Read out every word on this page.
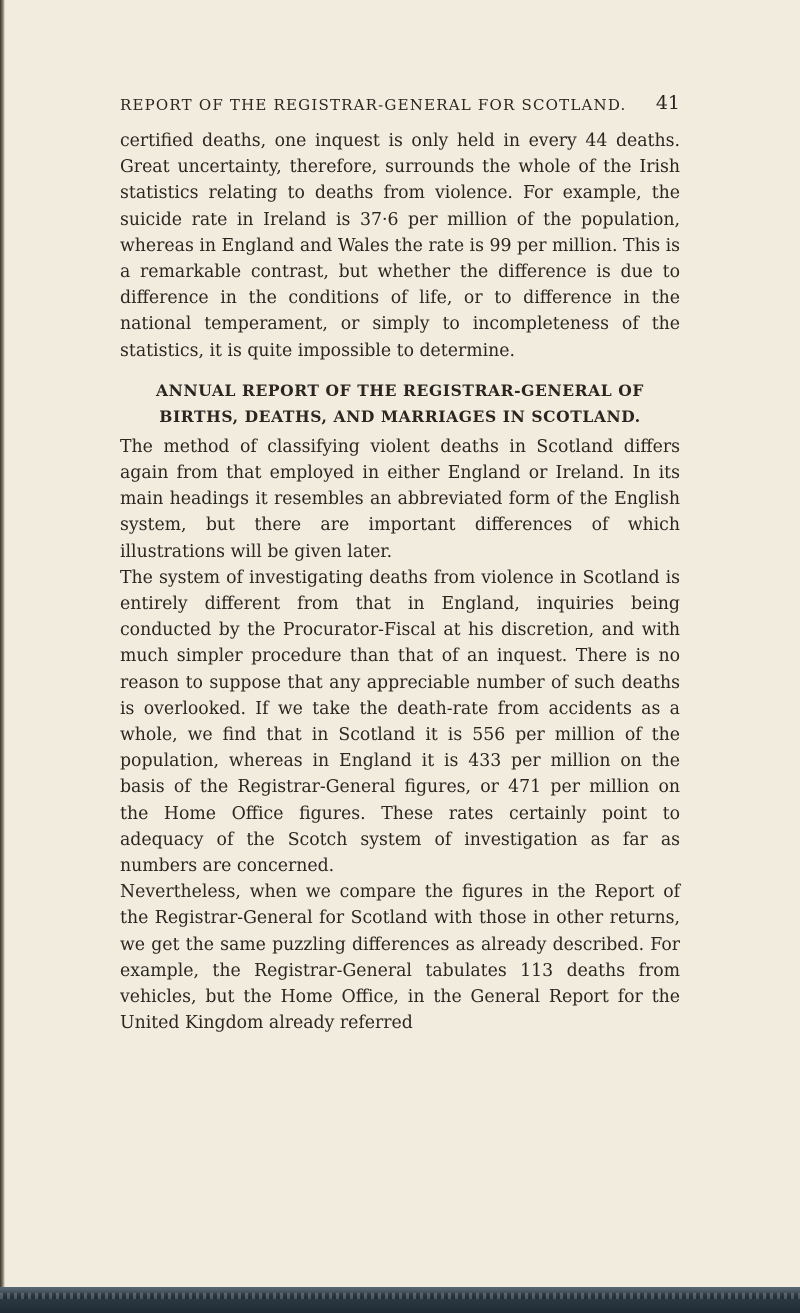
REPORT OF THE REGISTRAR-GENERAL FOR SCOTLAND. 41

certified deaths, one inquest is only held in every 44 deaths. Great uncertainty, therefore, surrounds the whole of the Irish statistics relating to deaths from violence. For example, the suicide rate in Ireland is 37·6 per million of the population, whereas in England and Wales the rate is 99 per million. This is a remarkable contrast, but whether the difference is due to difference in the conditions of life, or to difference in the national temperament, or simply to incompleteness of the statistics, it is quite impossible to determine.

ANNUAL REPORT OF THE REGISTRAR-GENERAL OF BIRTHS, DEATHS, AND MARRIAGES IN SCOTLAND.

The method of classifying violent deaths in Scotland differs again from that employed in either England or Ireland. In its main headings it resembles an abbreviated form of the English system, but there are important differences of which illustrations will be given later.

The system of investigating deaths from violence in Scotland is entirely different from that in England, inquiries being conducted by the Procurator-Fiscal at his discretion, and with much simpler procedure than that of an inquest. There is no reason to suppose that any appreciable number of such deaths is overlooked. If we take the death-rate from accidents as a whole, we find that in Scotland it is 556 per million of the population, whereas in England it is 433 per million on the basis of the Registrar-General figures, or 471 per million on the Home Office figures. These rates certainly point to adequacy of the Scotch system of investigation as far as numbers are concerned.

Nevertheless, when we compare the figures in the Report of the Registrar-General for Scotland with those in other returns, we get the same puzzling differences as already described. For example, the Registrar-General tabulates 113 deaths from vehicles, but the Home Office, in the General Report for the United Kingdom already referred
